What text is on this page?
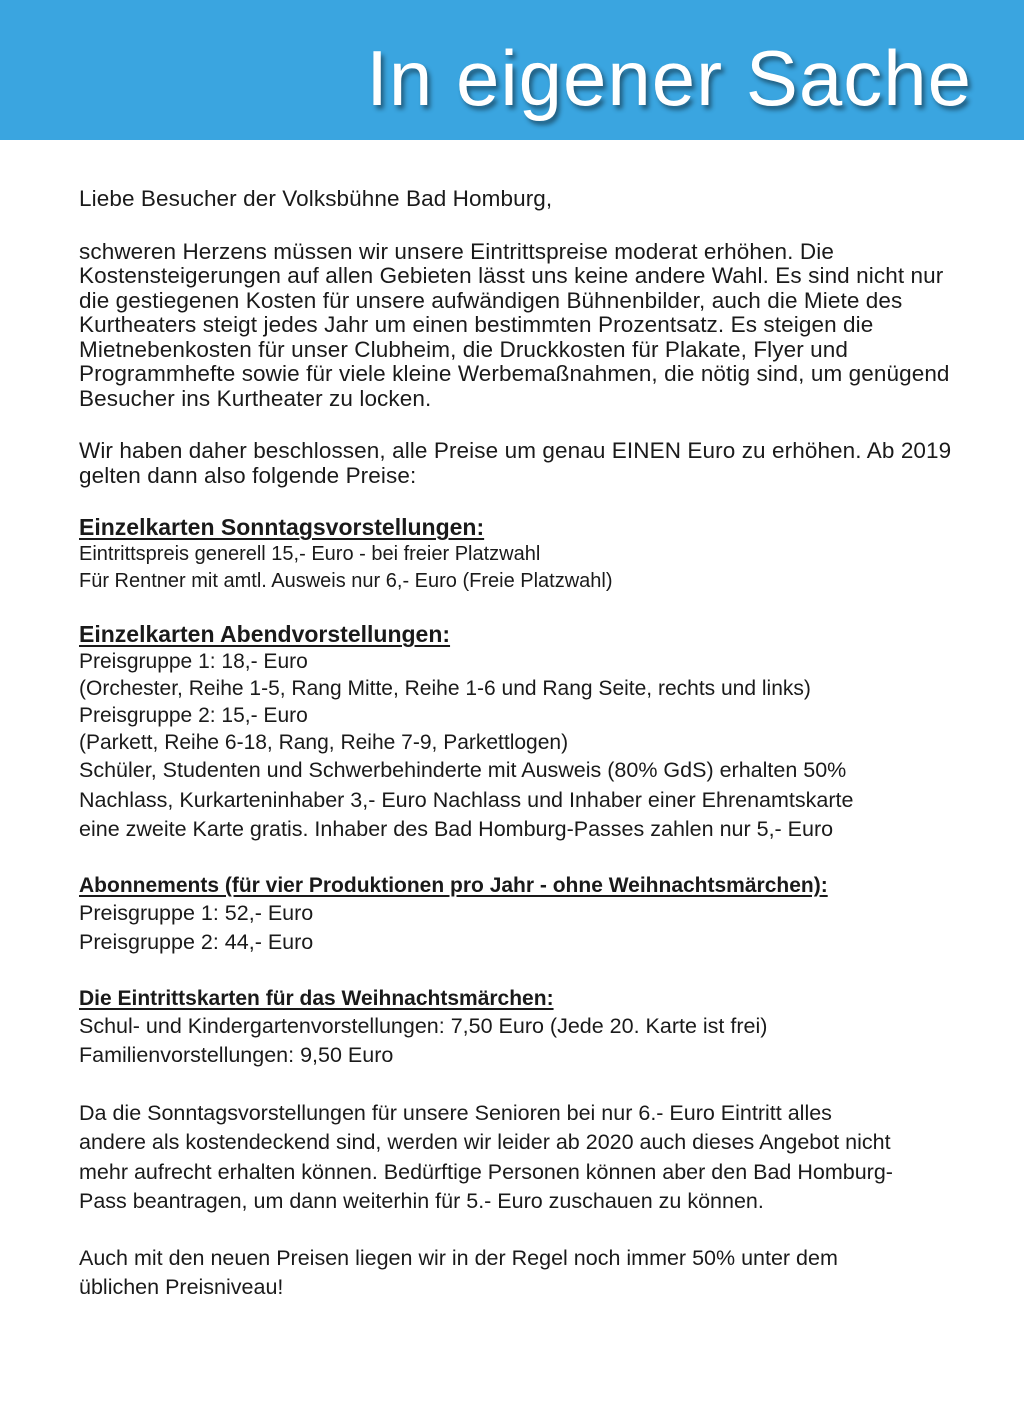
In eigener Sache

Liebe Besucher der Volksbühne Bad Homburg,

schweren Herzens müssen wir unsere Eintrittspreise moderat erhöhen. Die Kostensteigerungen auf allen Gebieten lässt uns keine andere Wahl. Es sind nicht nur die gestiegenen Kosten für unsere aufwändigen Bühnenbilder, auch die Miete des Kurtheaters steigt jedes Jahr um einen bestimmten Prozentsatz. Es steigen die Mietnebenkosten für unser Clubheim, die Druckkosten für Plakate, Flyer und Programmhefte sowie für viele kleine Werbemaßnahmen, die nötig sind, um genügend Besucher ins Kurtheater zu locken.

Wir haben daher beschlossen, alle Preise um genau EINEN Euro zu erhöhen. Ab 2019 gelten dann also folgende Preise:

Einzelkarten Sonntagsvorstellungen:

Eintrittspreis generell 15,- Euro - bei freier Platzwahl

Für Rentner mit amtl. Ausweis nur 6,- Euro (Freie Platzwahl)

Einzelkarten Abendvorstellungen:

Preisgruppe 1: 18,- Euro

(Orchester, Reihe 1-5, Rang Mitte, Reihe 1-6 und Rang Seite, rechts und links)

Preisgruppe 2: 15,- Euro

(Parkett, Reihe 6-18, Rang, Reihe 7-9, Parkettlogen)

Schüler, Studenten und Schwerbehinderte mit Ausweis (80% GdS) erhalten 50%

Nachlass, Kurkarteninhaber 3,- Euro Nachlass und Inhaber einer Ehrenamtskarte

eine zweite Karte gratis. Inhaber des Bad Homburg-Passes zahlen nur 5,- Euro

Abonnements (für vier Produktionen pro Jahr - ohne Weihnachtsmärchen):

Preisgruppe 1: 52,- Euro

Preisgruppe 2: 44,- Euro

Die Eintrittskarten für das Weihnachtsmärchen:

Schul- und Kindergartenvorstellungen: 7,50 Euro (Jede 20. Karte ist frei)

Familienvorstellungen: 9,50 Euro

Da die Sonntagsvorstellungen für unsere Senioren bei nur 6.- Euro Eintritt alles

andere als kostendeckend sind, werden wir leider ab 2020 auch dieses Angebot nicht

mehr aufrecht erhalten können. Bedürftige Personen können aber den Bad Homburg-

Pass beantragen, um dann weiterhin für 5.- Euro zuschauen zu können.

Auch mit den neuen Preisen liegen wir in der Regel noch immer 50% unter dem

üblichen Preisniveau!
